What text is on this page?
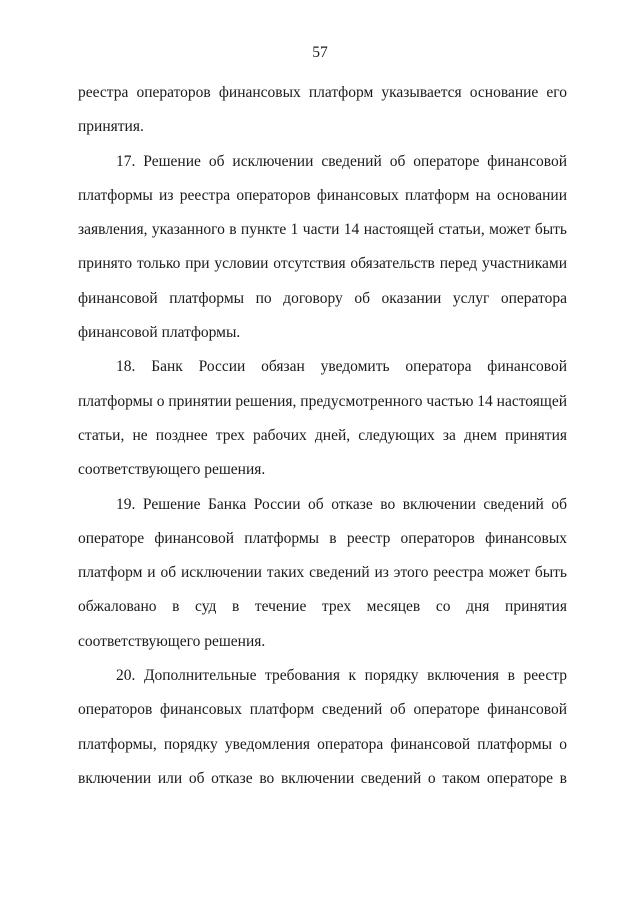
57

реестра операторов финансовых платформ указывается основание его принятия.

17. Решение об исключении сведений об операторе финансовой платформы из реестра операторов финансовых платформ на основании заявления, указанного в пункте 1 части 14 настоящей статьи, может быть принято только при условии отсутствия обязательств перед участниками финансовой платформы по договору об оказании услуг оператора финансовой платформы.

18. Банк России обязан уведомить оператора финансовой платформы о принятии решения, предусмотренного частью 14 настоящей статьи, не позднее трех рабочих дней, следующих за днем принятия соответствующего решения.

19. Решение Банка России об отказе во включении сведений об операторе финансовой платформы в реестр операторов финансовых платформ и об исключении таких сведений из этого реестра может быть обжаловано в суд в течение трех месяцев со дня принятия соответствующего решения.

20. Дополнительные требования к порядку включения в реестр операторов финансовых платформ сведений об операторе финансовой платформы, порядку уведомления оператора финансовой платформы о включении или об отказе во включении сведений о таком операторе в
